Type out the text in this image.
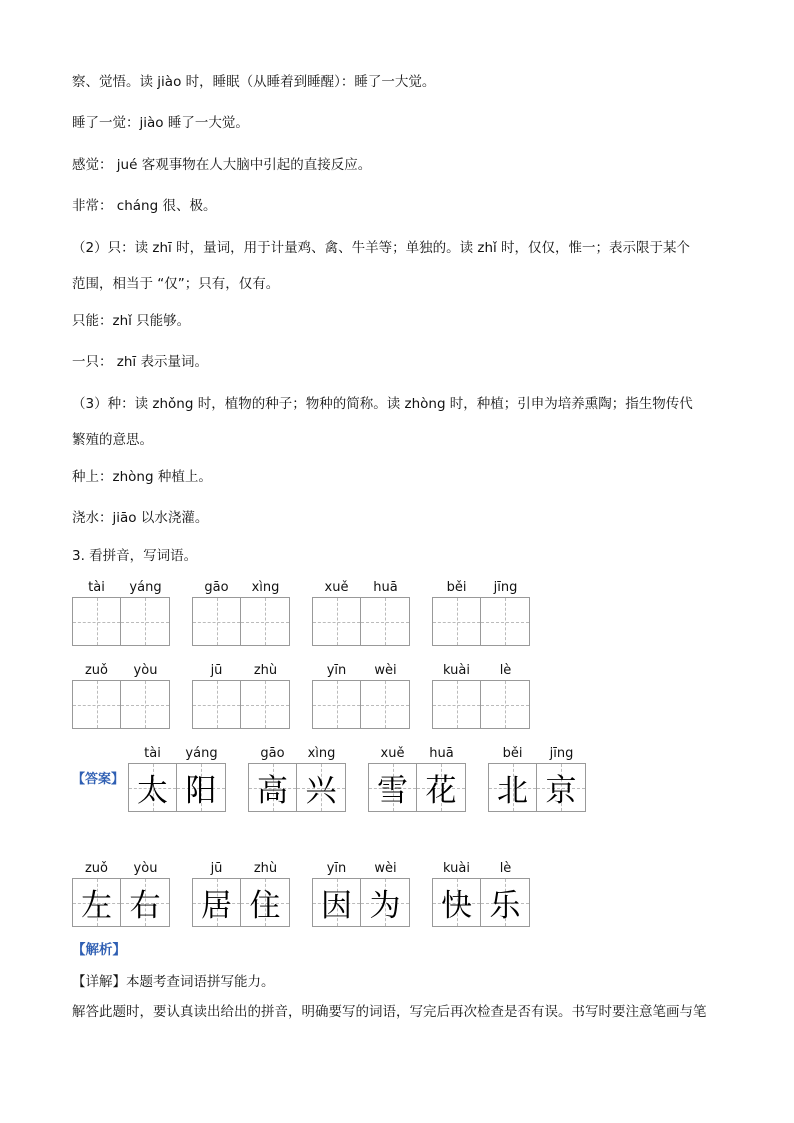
察、觉悟。读 jiào 时，睡眠（从睡着到睡醒）：睡了一大觉。
睡了一觉：jiào 睡了一大觉。
感觉： jué 客观事物在人大脑中引起的直接反应。
非常： cháng 很、极。
（2）只：读 zhī 时，量词，用于计量鸡、禽、牛羊等；单独的。读 zhǐ 时，仅仅，惟一；表示限于某个
范围，相当于 “仅”；只有，仅有。
只能：zhǐ 只能够。
一只： zhī 表示量词。
（3）种：读 zhǒng 时，植物的种子；物种的简称。读 zhòng 时，种植；引申为培养熏陶；指生物传代
繁殖的意思。
种上：zhòng 种植上。
浇水：jiāo 以水浇灌。
3. 看拼音，写词语。
tài	yáng	gāo	xìng	xuě	huā	běi	jīng
zuǒ	yòu	jū	zhù	yīn	wèi	kuài	lè
【答案】
tài	yáng
太 阳
gāo	xìng
高 兴
xuě	huā
雪 花
běi	jīng
北 京
zuǒ	yòu
左 右
jū	zhù
居 住
yīn	wèi
因 为
kuài	lè
快 乐
【解析】
【详解】本题考查词语拼写能力。
解答此题时，要认真读出给出的拼音，明确要写的词语，写完后再次检查是否有误。书写时要注意笔画与笔
